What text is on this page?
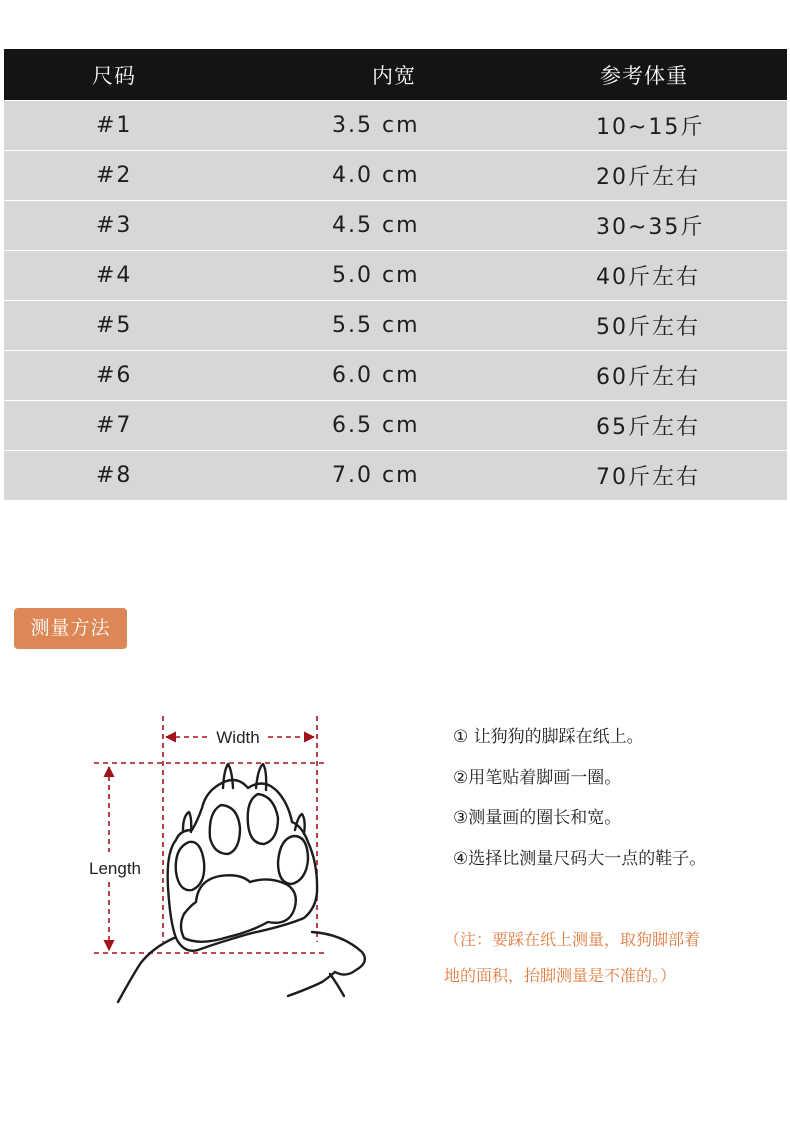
尺码	内宽	参考体重
#1	3.5 cm	10~15斤
#2	4.0 cm	20斤左右
#3	4.5 cm	30~35斤
#4	5.0 cm	40斤左右
#5	5.5 cm	50斤左右
#6	6.0 cm	60斤左右
#7	6.5 cm	65斤左右
#8	7.0 cm	70斤左右
测量方法
Width
Length
① 让狗狗的脚踩在纸上。
②用笔贴着脚画一圈。
③测量画的圈长和宽。
④选择比测量尺码大一点的鞋子。
（注：要踩在纸上测量，取狗脚部着
地的面积，抬脚测量是不准的。）
